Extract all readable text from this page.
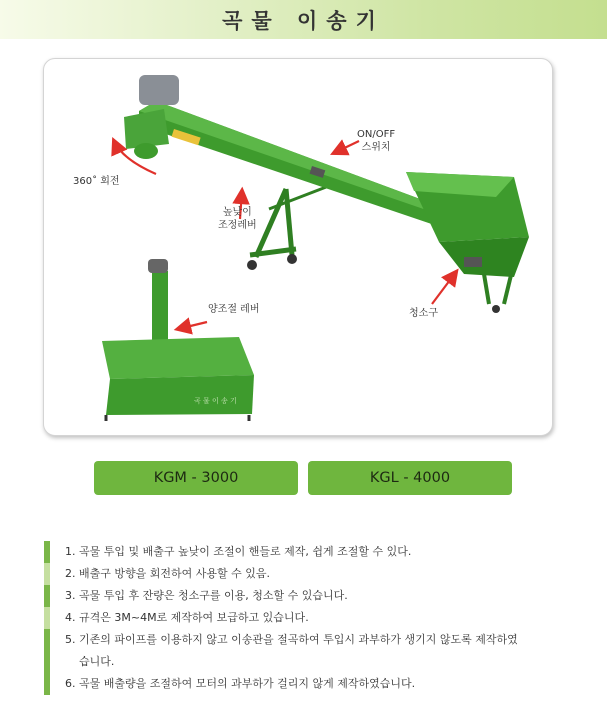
곡물 이송기
곡 물 이 송 기
360˚ 회전
ON/OFF
스위치
높낮이
조정레버
양조절 레버	청소구
KGM - 3000	KGL - 4000
1. 곡물 투입 및 배출구 높낮이 조절이 핸들로 제작, 쉽게 조절할 수 있다.
2. 배출구 방향을 회전하여 사용할 수 있음.
3. 곡물 투입 후 잔량은 청소구를 이용, 청소할 수 있습니다.
4. 규격은 3M~4M로 제작하여 보급하고 있습니다.
5. 기존의 파이프를 이용하지 않고 이송관을 절곡하여 투입시 과부하가 생기지 않도록 제작하였
습니다.
6. 곡물 배출량을 조절하여 모터의 과부하가 걸리지 않게 제작하였습니다.
